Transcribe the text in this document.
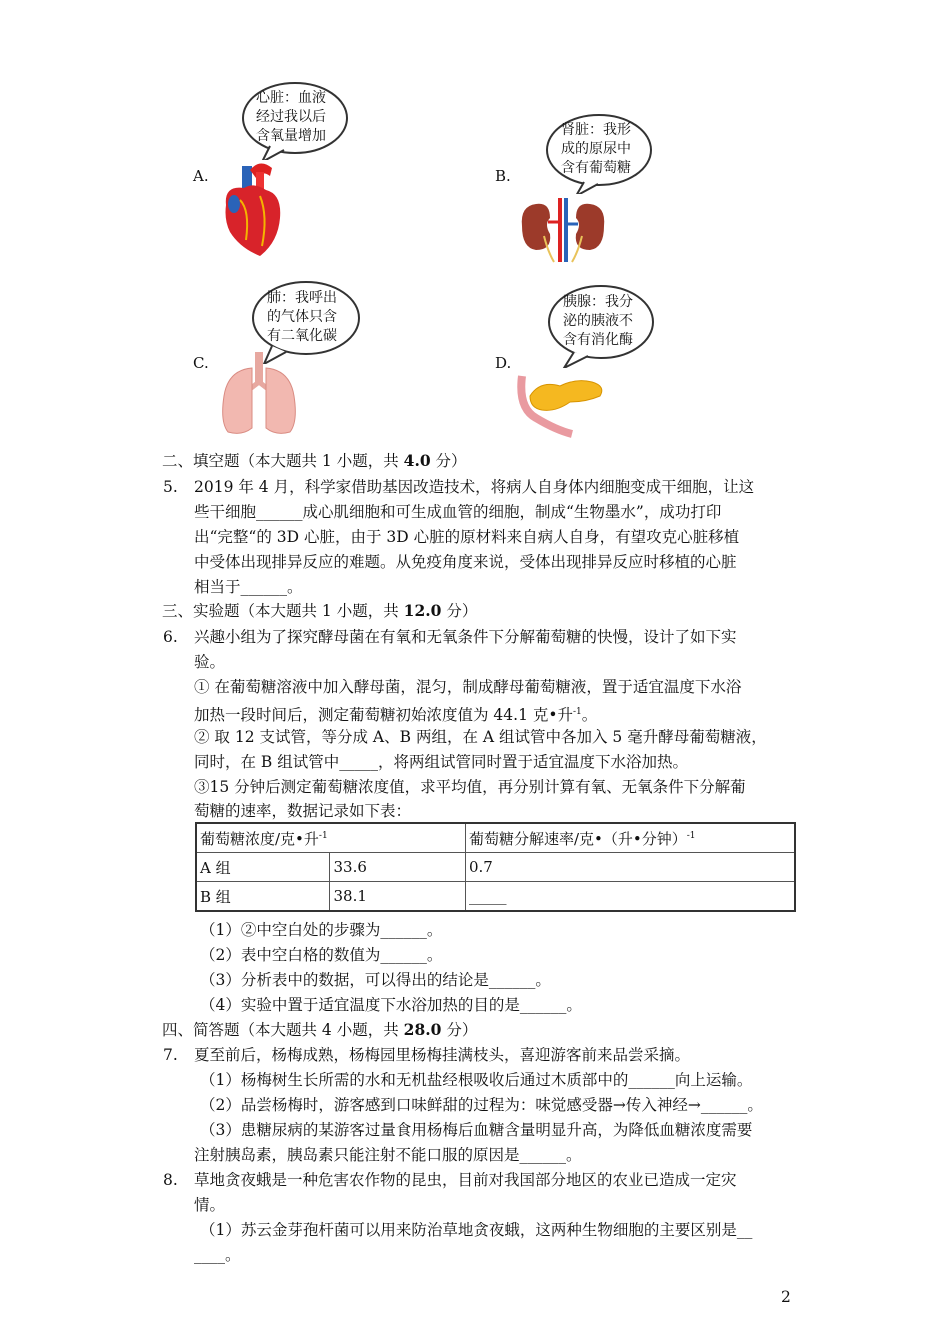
A.
心脏：血液
经过我以后
含氧量增加
B.
肾脏：我形
成的原尿中
含有葡萄糖
C.
肺：我呼出
的气体只含
有二氧化碳
D.
胰腺：我分
泌的胰液不
含有消化酶
二、填空题（本大题共 1 小题，共 4.0 分）
5. 2019 年 4 月，科学家借助基因改造技术，将病人自身体内细胞变成干细胞，让这
些干细胞______成心肌细胞和可生成血管的细胞，制成“生物墨水”，成功打印
出“完整“的 3D 心脏，由于 3D 心脏的原材料来自病人自身，有望攻克心脏移植
中受体出现排异反应的难题。从免疫角度来说，受体出现排异反应时移植的心脏
相当于______。
三、实验题（本大题共 1 小题，共 12.0 分）
6. 兴趣小组为了探究酵母菌在有氧和无氧条件下分解葡萄糖的快慢，设计了如下实
验。
① 在葡萄糖溶液中加入酵母菌，混匀，制成酵母葡萄糖液，置于适宜温度下水浴
加热一段时间后，测定葡萄糖初始浓度值为 44.1 克•升$^{-1}$。
② 取 12 支试管，等分成 A、B 两组，在 A 组试管中各加入 5 毫升酵母葡萄糖液，
同时，在 B 组试管中_____，将两组试管同时置于适宜温度下水浴加热。
③15 分钟后测定葡萄糖浓度值，求平均值，再分别计算有氧、无氧条件下分解葡
萄糖的速率，数据记录如下表：
葡萄糖浓度/克•升$^{-1}$		葡萄糖分解速率/克•（升•分钟）$^{-1}$
A 组	33.6	0.7
B 组	38.1	_____
（1）②中空白处的步骤为______。
（2）表中空白格的数值为______。
（3）分析表中的数据，可以得出的结论是______。
（4）实验中置于适宜温度下水浴加热的目的是______。
四、简答题（本大题共 4 小题，共 28.0 分）
7. 夏至前后，杨梅成熟，杨梅园里杨梅挂满枝头，喜迎游客前来品尝采摘。
（1）杨梅树生长所需的水和无机盐经根吸收后通过木质部中的______向上运输。
（2）品尝杨梅时，游客感到口味鲜甜的过程为：味觉感受器→传入神经→______。
（3）患糖尿病的某游客过量食用杨梅后血糖含量明显升高，为降低血糖浓度需要
注射胰岛素，胰岛素只能注射不能口服的原因是______。
8. 草地贪夜蛾是一种危害农作物的昆虫，目前对我国部分地区的农业已造成一定灾
情。
（1）苏云金芽孢杆菌可以用来防治草地贪夜蛾，这两种生物细胞的主要区别是__
____。
2
